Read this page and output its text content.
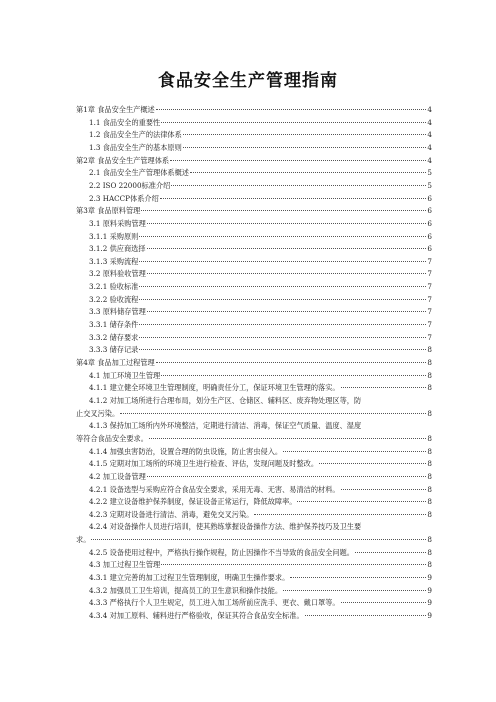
食品安全生产管理指南
第1章 食品安全生产概述	4
1.1 食品安全的重要性	4
1.2 食品安全生产的法律体系	4
1.3 食品安全生产的基本原则	4
第2章 食品安全生产管理体系	4
2.1 食品安全生产管理体系概述	5
2.2 ISO 22000标准介绍	5
2.3 HACCP体系介绍	6
第3章 食品原料管理	6
3.1 原料采购管理	6
3.1.1 采购原则	6
3.1.2 供应商选择	6
3.1.3 采购流程	7
3.2 原料验收管理	7
3.2.1 验收标准	7
3.2.2 验收流程	7
3.3 原料储存管理	7
3.3.1 储存条件	7
3.3.2 储存要求	7
3.3.3 储存记录	8
第4章 食品加工过程管理	8
4.1 加工环境卫生管理	8
4.1.1 建立健全环境卫生管理制度，明确责任分工，保证环境卫生管理的落实。	8
4.1.2 对加工场所进行合理布局，划分生产区、仓储区、辅料区、废弃物处理区等，防
止交叉污染。	8
4.1.3 保持加工场所内外环境整洁，定期进行清洁、消毒，保证空气质量、温度、湿度
等符合食品安全要求。	8
4.1.4 加强虫害防治，设置合理的防虫设施，防止害虫侵入。	8
4.1.5 定期对加工场所的环境卫生进行检查、评估，发现问题及时整改。	8
4.2 加工设备管理	8
4.2.1 设备选型与采购应符合食品安全要求，采用无毒、无害、易清洁的材料。	8
4.2.2 建立设备维护保养制度，保证设备正常运行，降低故障率。	8
4.2.3 定期对设备进行清洁、消毒，避免交叉污染。	8
4.2.4 对设备操作人员进行培训，使其熟练掌握设备操作方法、维护保养技巧及卫生要
求。	8
4.2.5 设备使用过程中，严格执行操作规程，防止因操作不当导致的食品安全问题。	8
4.3 加工过程卫生管理	8
4.3.1 建立完善的加工过程卫生管理制度，明确卫生操作要求。	9
4.3.2 加强员工卫生培训，提高员工的卫生意识和操作技能。	9
4.3.3 严格执行个人卫生规定，员工进入加工场所前应洗手、更衣、戴口罩等。	9
4.3.4 对加工原料、辅料进行严格验收，保证其符合食品安全标准。	9
